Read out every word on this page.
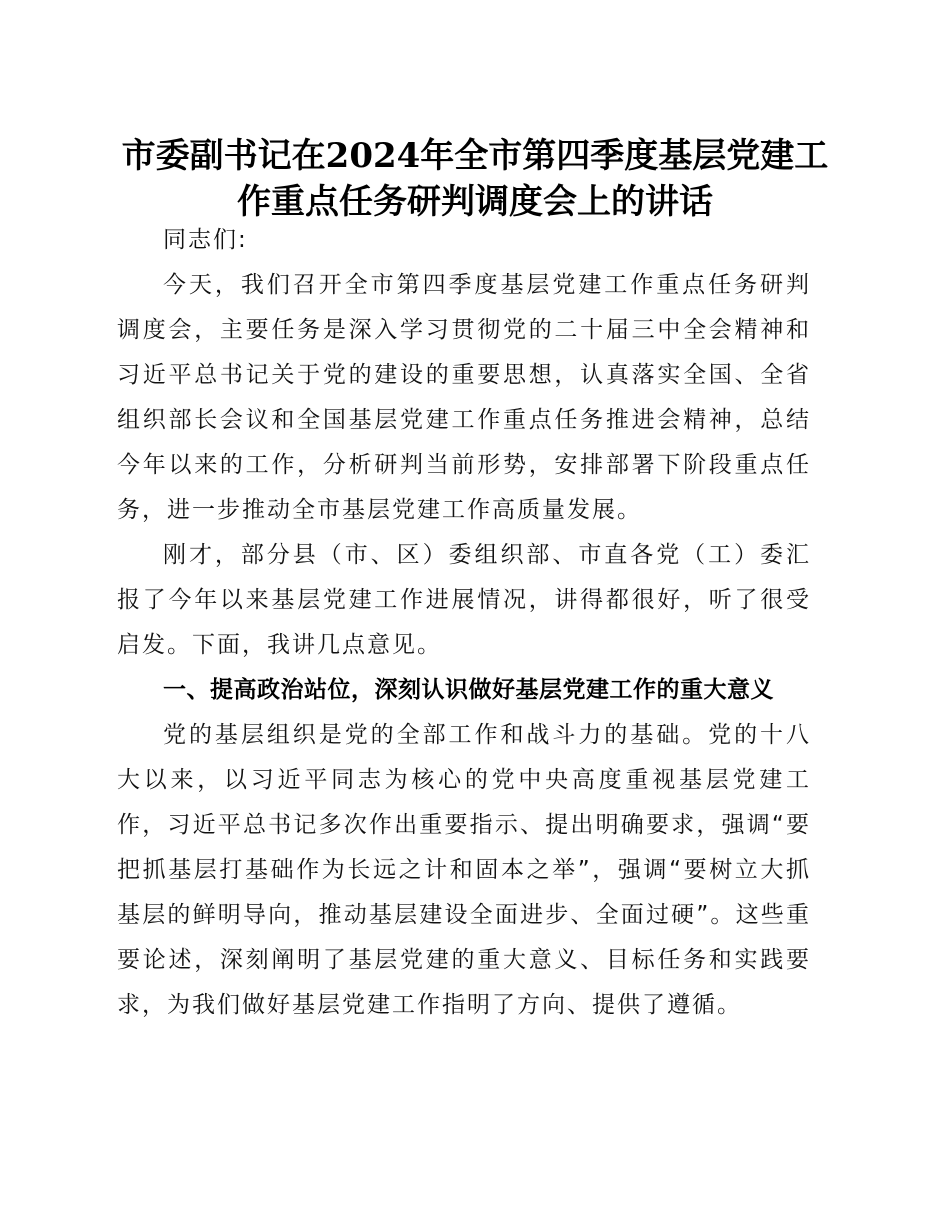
市委副书记在2024年全市第四季度基层党建工作重点任务研判调度会上的讲话

同志们:

今天，我们召开全市第四季度基层党建工作重点任务研判调度会，主要任务是深入学习贯彻党的二十届三中全会精神和习近平总书记关于党的建设的重要思想，认真落实全国、全省组织部长会议和全国基层党建工作重点任务推进会精神，总结今年以来的工作，分析研判当前形势，安排部署下阶段重点任务，进一步推动全市基层党建工作高质量发展。

刚才，部分县（市、区）委组织部、市直各党（工）委汇报了今年以来基层党建工作进展情况，讲得都很好，听了很受启发。下面，我讲几点意见。

一、提高政治站位，深刻认识做好基层党建工作的重大意义

党的基层组织是党的全部工作和战斗力的基础。党的十八大以来，以习近平同志为核心的党中央高度重视基层党建工作，习近平总书记多次作出重要指示、提出明确要求，强调“要把抓基层打基础作为长远之计和固本之举”，强调“要树立大抓基层的鲜明导向，推动基层建设全面进步、全面过硬”。这些重要论述，深刻阐明了基层党建的重大意义、目标任务和实践要求，为我们做好基层党建工作指明了方向、提供了遵循。
